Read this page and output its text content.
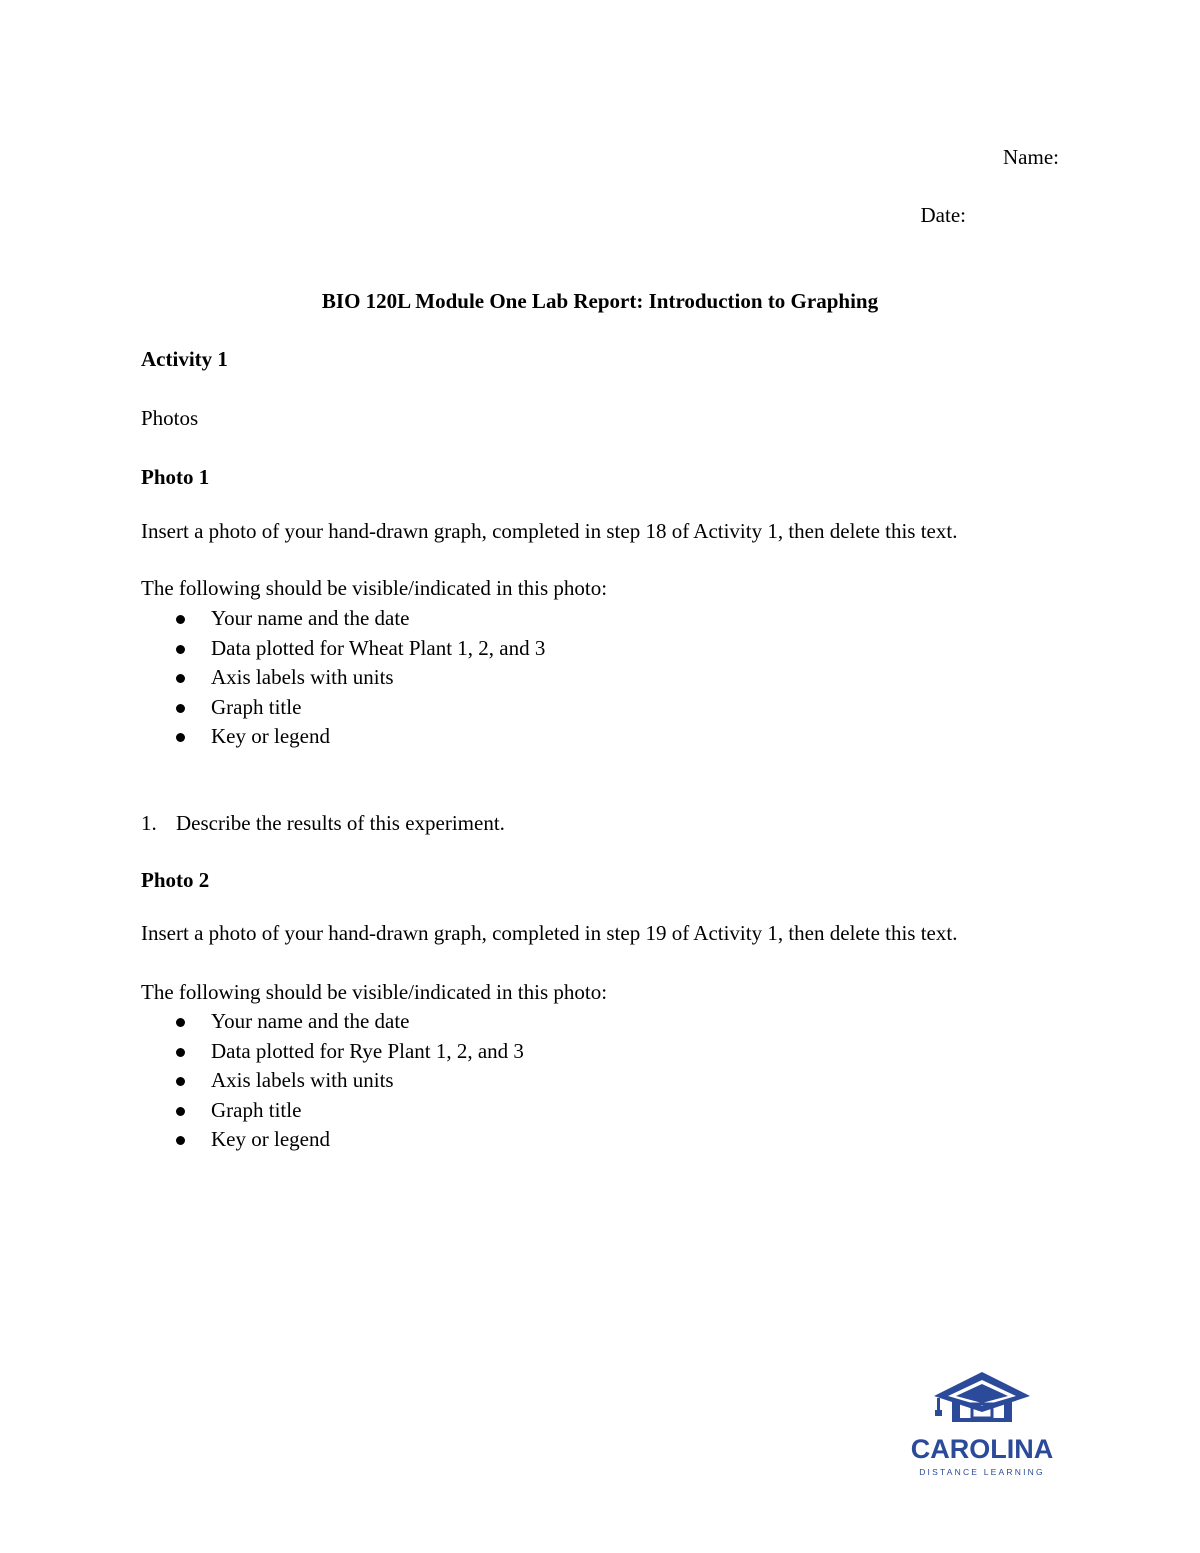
Name:
Date:
BIO 120L Module One Lab Report: Introduction to Graphing
Activity 1
Photos
Photo 1
Insert a photo of your hand-drawn graph, completed in step 18 of Activity 1, then delete this text.
The following should be visible/indicated in this photo:
Your name and the date
Data plotted for Wheat Plant 1, 2, and 3
Axis labels with units
Graph title
Key or legend
1. Describe the results of this experiment.
Photo 2
Insert a photo of your hand-drawn graph, completed in step 19 of Activity 1, then delete this text.
The following should be visible/indicated in this photo:
Your name and the date
Data plotted for Rye Plant 1, 2, and 3
Axis labels with units
Graph title
Key or legend
CAROLINA
DISTANCE LEARNING
